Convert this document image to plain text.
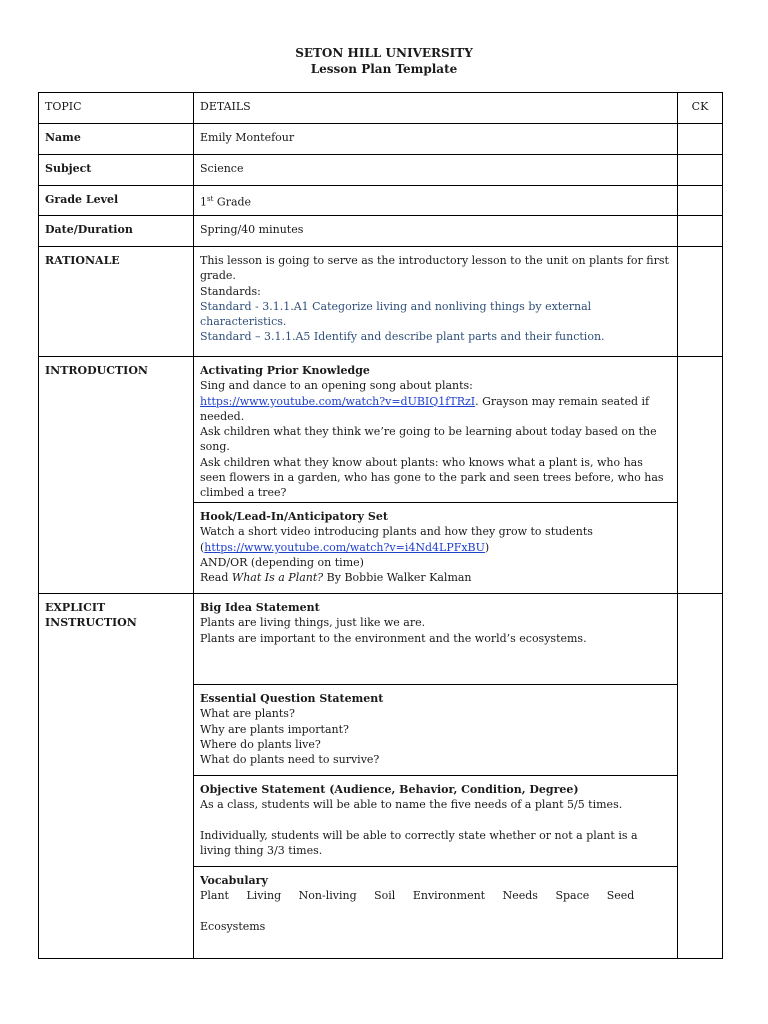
SETON HILL UNIVERSITY
Lesson Plan Template
TOPIC	DETAILS	CK
Name	Emily Montefour	
Subject	Science	
Grade Level	1st Grade	
Date/Duration	Spring/40 minutes	
RATIONALE	This lesson is going to serve as the introductory lesson to the unit on plants for first grade.
Standards:
Standard - 3.1.1.A1 Categorize living and nonliving things by external characteristics.
Standard – 3.1.1.A5 Identify and describe plant parts and their function.	

INTRODUCTION	Activating Prior Knowledge
Sing and dance to an opening song about plants:
https://www.youtube.com/watch?v=dUBIQ1fTRzI. Grayson may remain seated if needed.
Ask children what they think we’re going to be learning about today based on the song.
Ask children what they know about plants: who knows what a plant is, who has seen flowers in a garden, who has gone to the park and seen trees before, who has climbed a tree?	

	Hook/Lead-In/Anticipatory Set
Watch a short video introducing plants and how they grow to students
(https://www.youtube.com/watch?v=i4Nd4LPFxBU)
AND/OR (depending on time)
Read What Is a Plant? By Bobbie Walker Kalman	

EXPLICIT INSTRUCTION	Big Idea Statement
Plants are living things, just like we are.
Plants are important to the environment and the world’s ecosystems.	

	Essential Question Statement
What are plants?
Why are plants important?
Where do plants live?
What do plants need to survive?	

	Objective Statement (Audience, Behavior, Condition, Degree)
As a class, students will be able to name the five needs of a plant 5/5 times.
Individually, students will be able to correctly state whether or not a plant is a living thing 3/3 times.	

	Vocabulary
Plant Living Non-living Soil Environment Needs Space Seed
Ecosystems	
